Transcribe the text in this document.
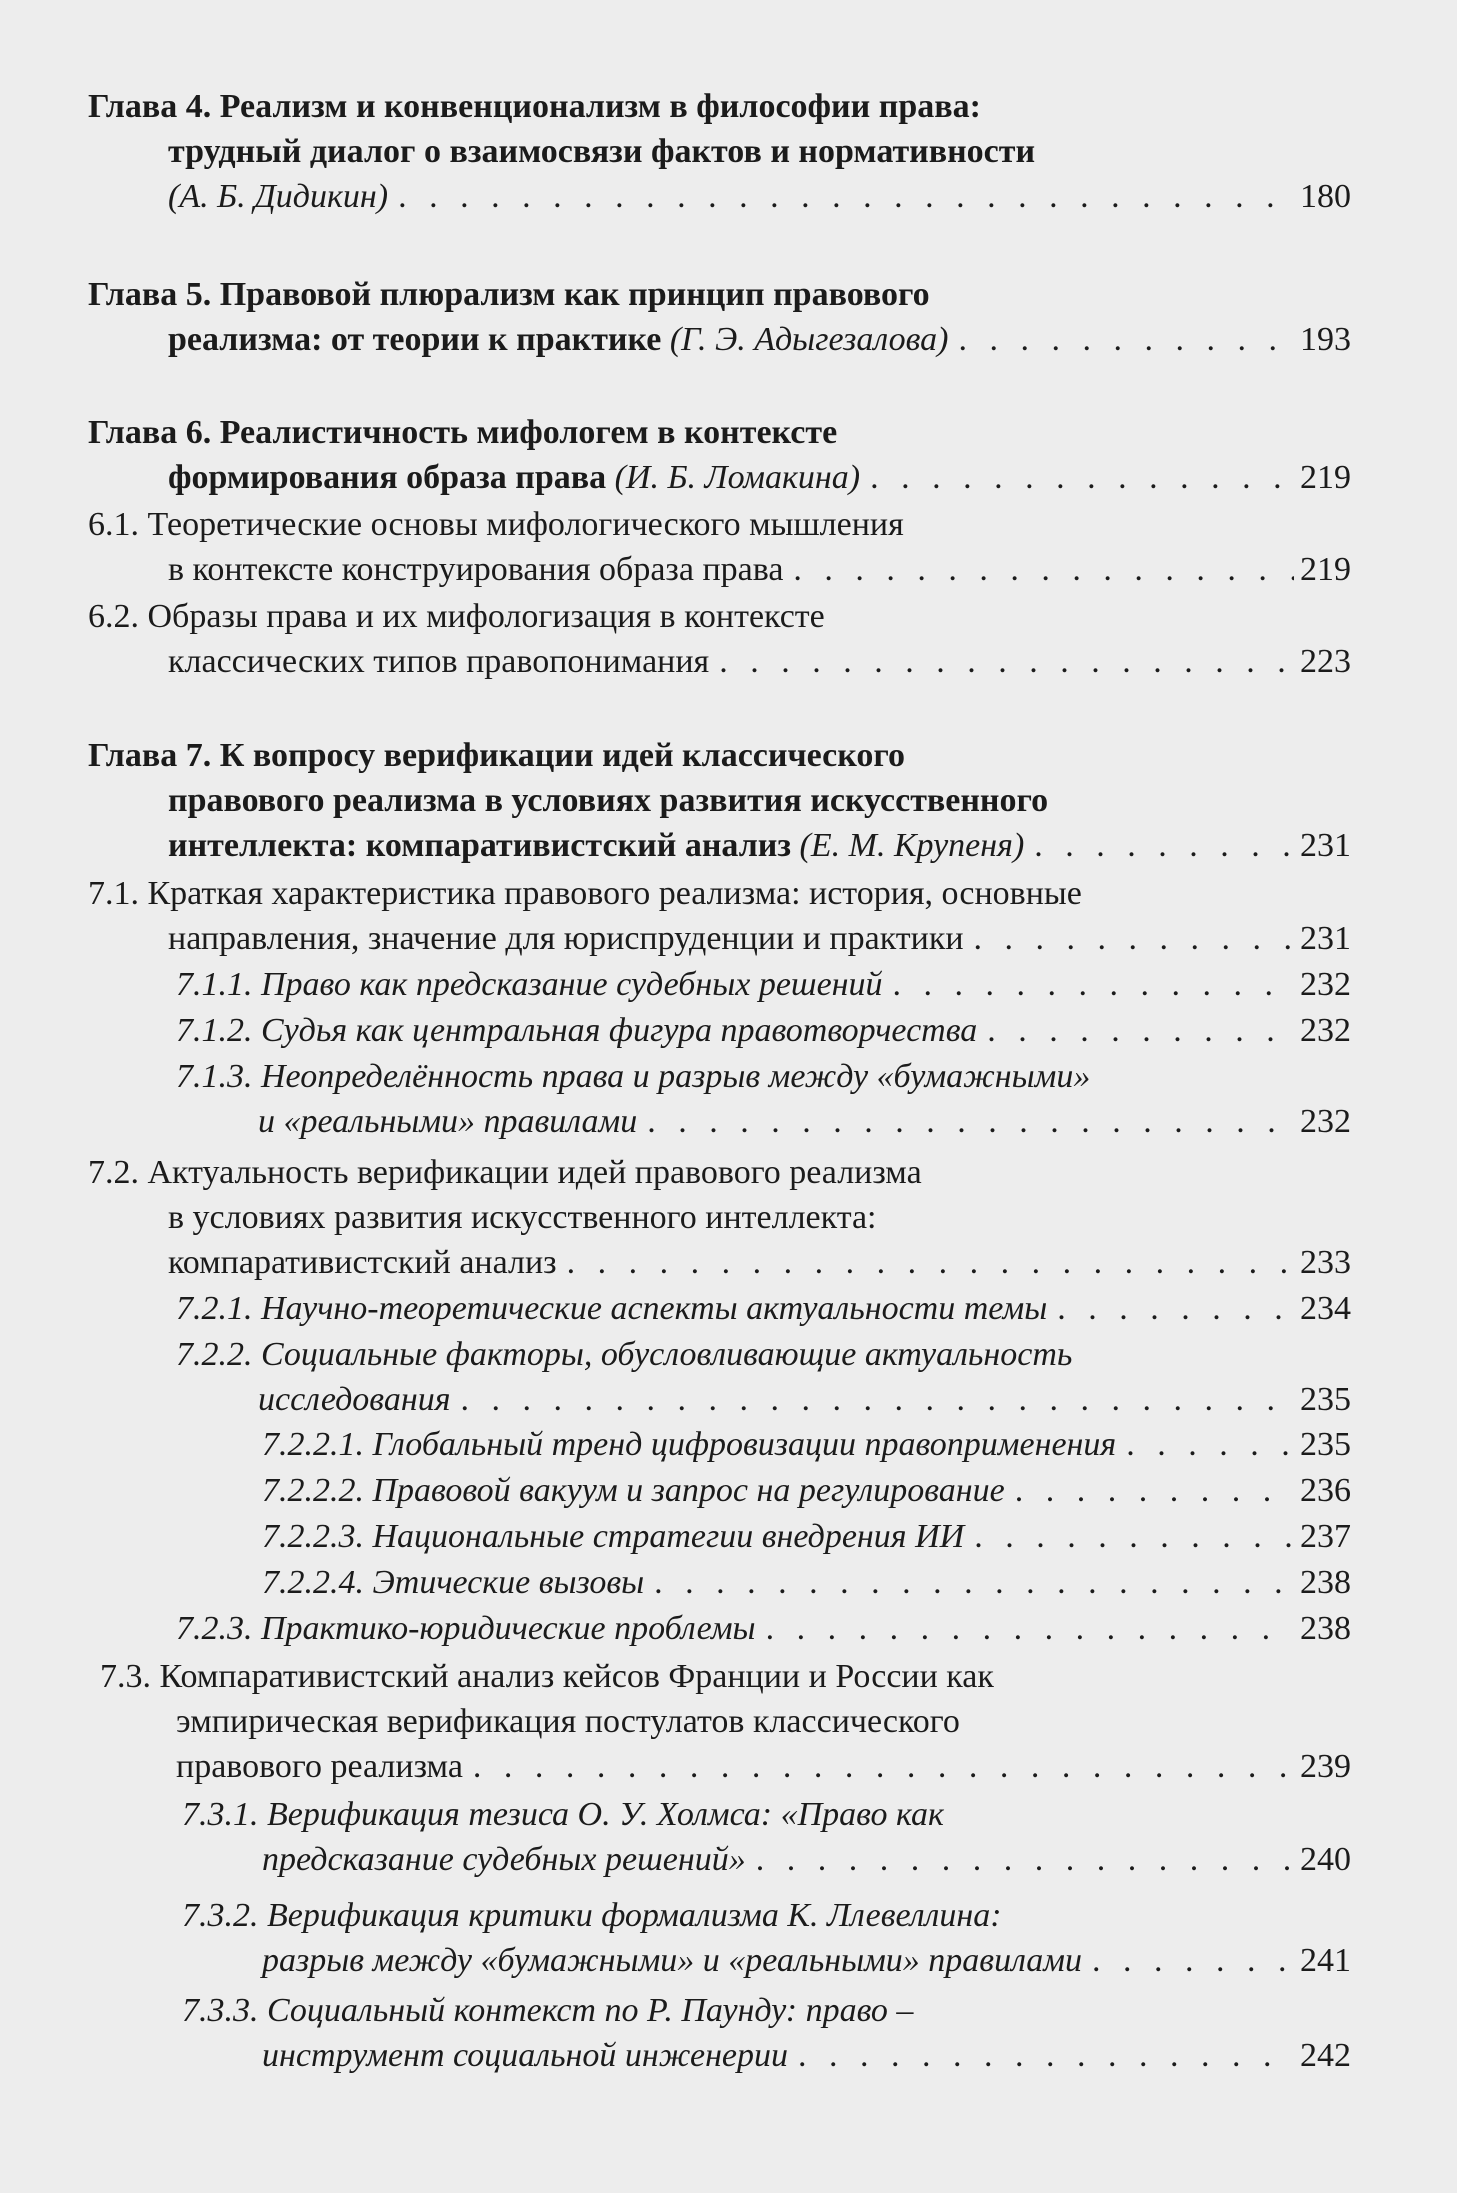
Глава 4. Реализм и конвенционализм в философии права:
трудный диалог о взаимосвязи фактов и нормативности
(А. Б. Дидикин) . . .	180
Глава 5. Правовой плюрализм как принцип правового
реализма: от теории к практике
(Г. Э. Адыгезалова) . . .	193
Глава 6. Реалистичность мифологем в контексте
формирования образа права
(И. Б. Ломакина) . . .	219
6.1. Теоретические основы мифологического мышления
в контексте конструирования образа права . . .	219
6.2. Образы права и их мифологизация в контексте
классических типов правопонимания . . .	223
Глава 7. К вопросу верификации идей классического
правового реализма в условиях развития искусственного
интеллекта: компаративистский анализ
(Е. М. Крупеня) . . .	231
7.1. Краткая характеристика правового реализма: история, основные
направления, значение для юриспруденции и практики . . .	231
7.1.1. Право как предсказание судебных решений . . .	232
7.1.2. Судья как центральная фигура правотворчества . . .	232
7.1.3. Неопределённость права и разрыв между «бумажными»
и «реальными» правилами . . .	232
7.2. Актуальность верификации идей правового реализма
в условиях развития искусственного интеллекта:
компаративистский анализ . . .	233
7.2.1. Научно-теоретические аспекты актуальности темы . . .	234
7.2.2. Социальные факторы, обусловливающие актуальность
исследования . . .	235
7.2.2.1. Глобальный тренд цифровизации правоприменения . . .	235
7.2.2.2. Правовой вакуум и запрос на регулирование . . .	236
7.2.2.3. Национальные стратегии внедрения ИИ . . .	237
7.2.2.4. Этические вызовы . . .	238
7.2.3. Практико-юридические проблемы . . .	238
7.3. Компаративистский анализ кейсов Франции и России как
эмпирическая верификация постулатов классического
правового реализма . . .	239
7.3.1. Верификация тезиса О. У. Холмса: «Право как
предсказание судебных решений» . . .	240
7.3.2. Верификация критики формализма К. Ллевеллина:
разрыв между «бумажными» и «реальными» правилами . . .	241
7.3.3. Социальный контекст по Р. Паунду: право –
инструмент социальной инженерии . . .	242
